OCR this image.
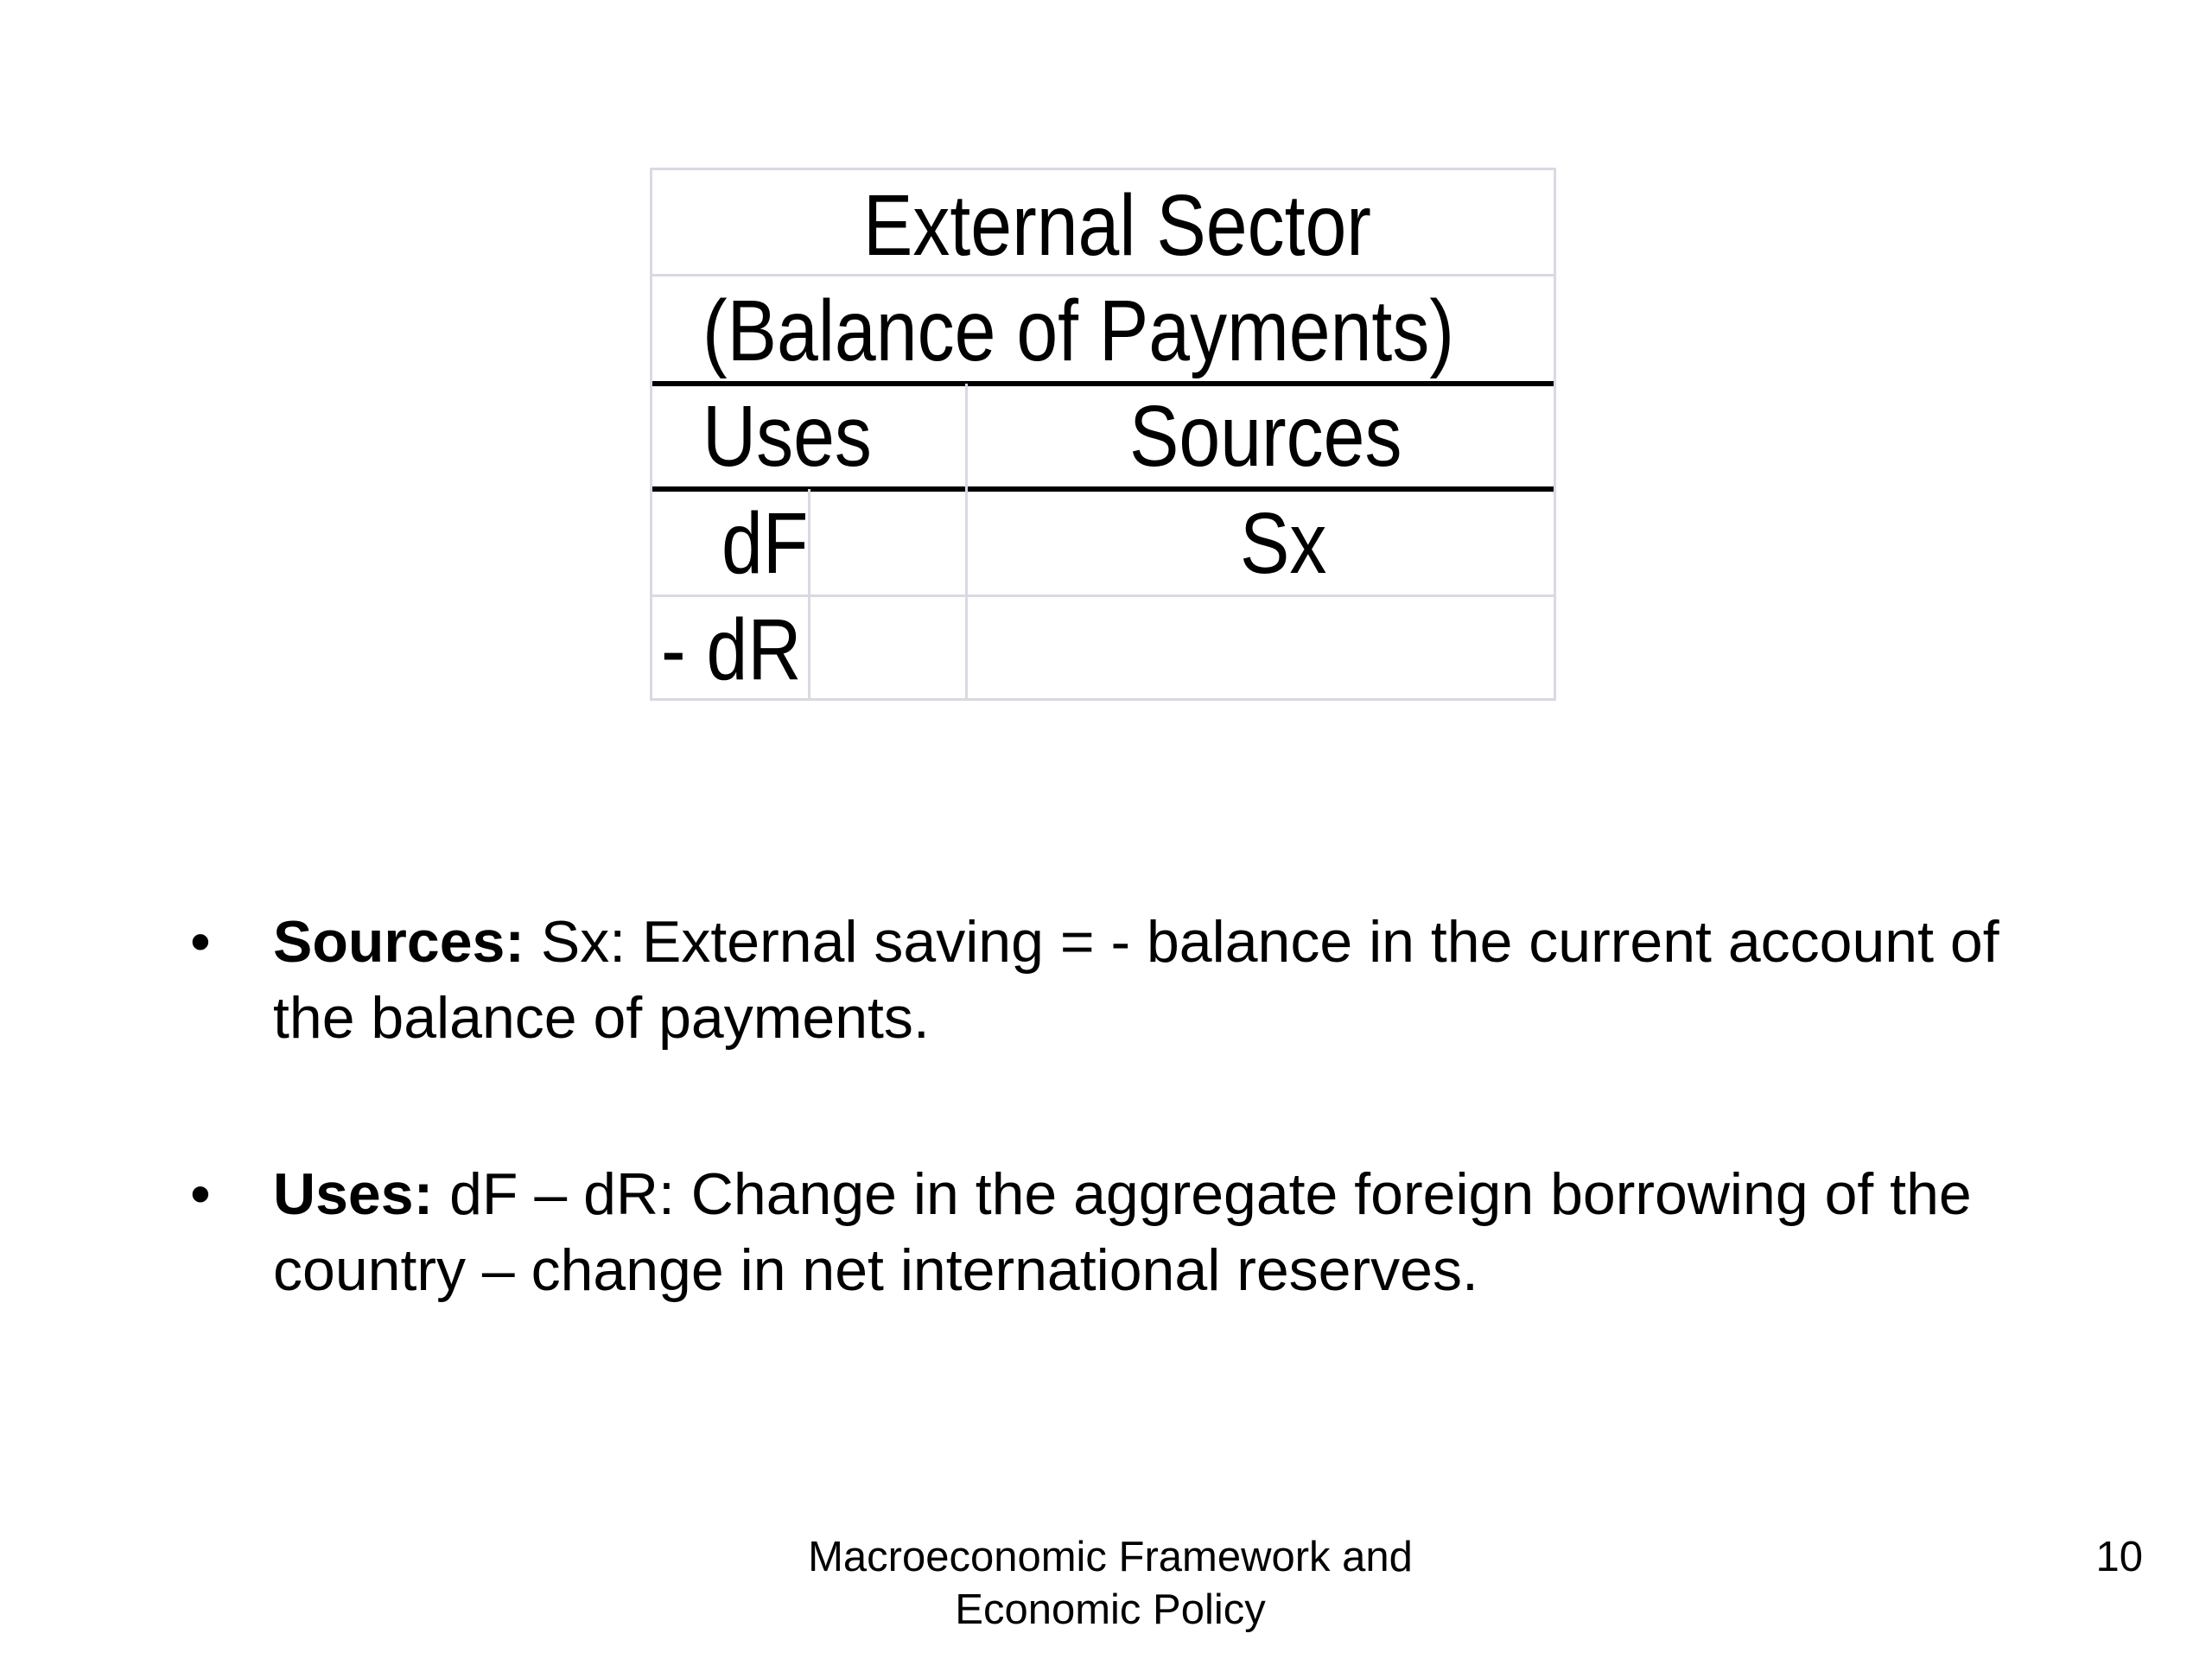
External Sector
(Balance of Payments)
Uses	Sources
dF	Sx
- dR
•	Sources: Sx: External saving = - balance in the current account of the balance of payments.
•	Uses: dF – dR: Change in the aggregate foreign borrowing of the country – change in net international reserves.
Macroeconomic Framework and
Economic Policy
10
